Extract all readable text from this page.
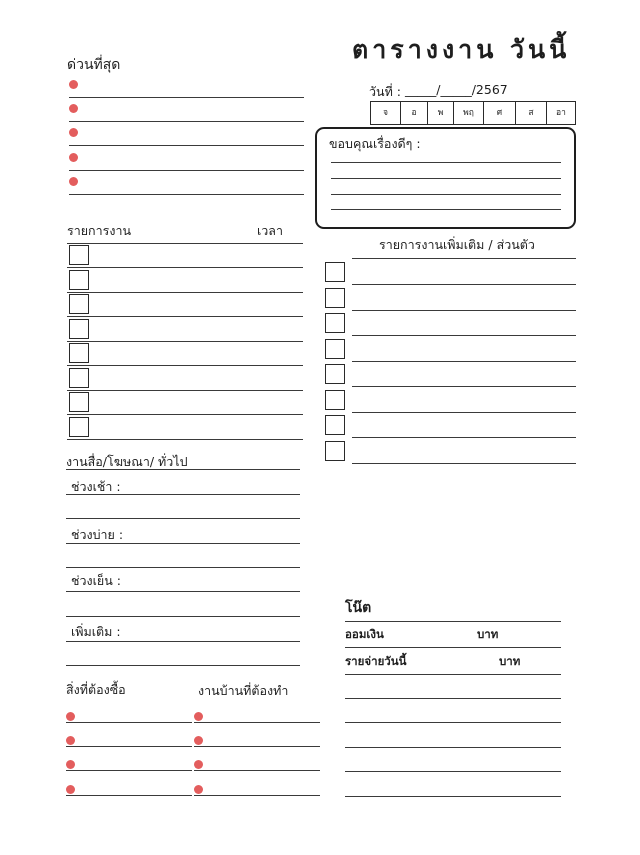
ตารางงาน วันนี้
วันที่ : _____/_____/2567
จ	อ	พ	พฤ	ศ	ส	อา
ด่วนที่สุด
ขอบคุณเรื่องดีๆ :
รายการงาน	เวลา
รายการงานเพิ่มเติม / ส่วนตัว
งานสื่อ/โฆษณา/ ทั่วไป
ช่วงเช้า :
ช่วงบ่าย :
ช่วงเย็น :
เพิ่มเติม :
โน๊ต
ออมเงิน	บาท
รายจ่ายวันนี้	บาท
สิ่งที่ต้องซื้อ	งานบ้านที่ต้องทำ
